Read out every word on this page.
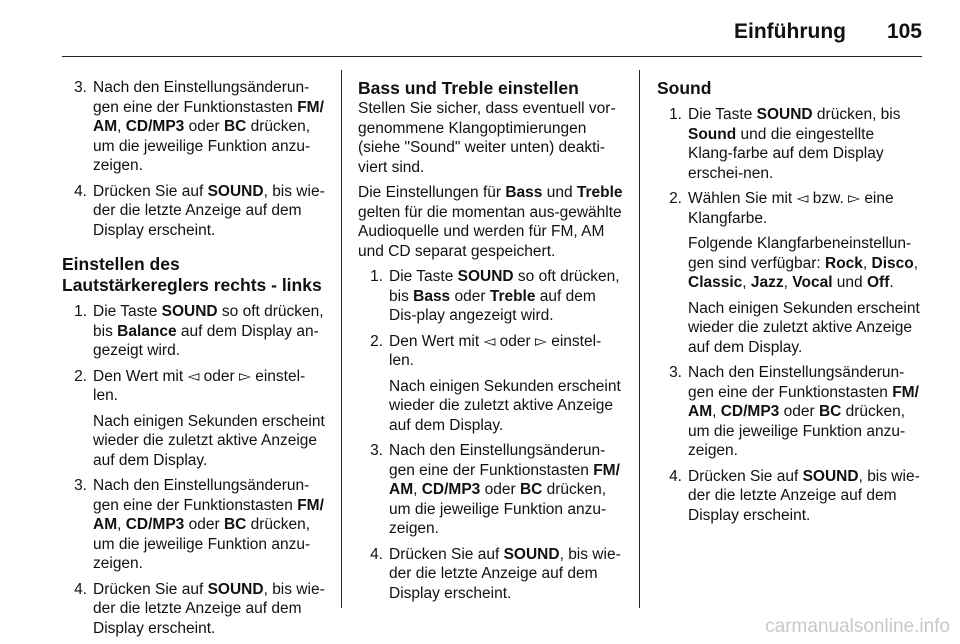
Einführung 105
3. Nach den Einstellungsänderun-gen eine der Funktionstasten FM/ AM, CD/MP3 oder BC drücken, um die jeweilige Funktion anzu-zeigen.

4. Drücken Sie auf SOUND, bis wie-der die letzte Anzeige auf dem Display erscheint.

Einstellen des Lautstärkereglers rechts - links
1. Die Taste SOUND so oft drücken, bis Balance auf dem Display an-gezeigt wird.

2. Den Wert mit ◅ oder ▻ einstel-len.

Nach einigen Sekunden erscheint wieder die zuletzt aktive Anzeige auf dem Display.

3. Nach den Einstellungsänderun-gen eine der Funktionstasten FM/ AM, CD/MP3 oder BC drücken, um die jeweilige Funktion anzu-zeigen.

4. Drücken Sie auf SOUND, bis wie-der die letzte Anzeige auf dem Display erscheint.

Bass und Treble einstellen

Stellen Sie sicher, dass eventuell vor-genommene Klangoptimierungen (siehe "Sound" weiter unten) deakti-viert sind.

Die Einstellungen für Bass und Treble gelten für die momentan aus-gewählte Audioquelle und werden für FM, AM und CD separat gespeichert.

1. Die Taste SOUND so oft drücken, bis Bass oder Treble auf dem Dis-play angezeigt wird.

2. Den Wert mit ◅ oder ▻ einstel-len.

Nach einigen Sekunden erscheint wieder die zuletzt aktive Anzeige auf dem Display.

3. Nach den Einstellungsänderun-gen eine der Funktionstasten FM/ AM, CD/MP3 oder BC drücken, um die jeweilige Funktion anzu-zeigen.

4. Drücken Sie auf SOUND, bis wie-der die letzte Anzeige auf dem Display erscheint.

Sound
1. Die Taste SOUND drücken, bis Sound und die eingestellte Klang-farbe auf dem Display erschei-nen.

2. Wählen Sie mit ◅ bzw. ▻ eine Klangfarbe.

Folgende Klangfarbeneinstellun-gen sind verfügbar: Rock, Disco, Classic, Jazz, Vocal und Off.

Nach einigen Sekunden erscheint wieder die zuletzt aktive Anzeige auf dem Display.

3. Nach den Einstellungsänderun-gen eine der Funktionstasten FM/ AM, CD/MP3 oder BC drücken, um die jeweilige Funktion anzu-zeigen.

4. Drücken Sie auf SOUND, bis wie-der die letzte Anzeige auf dem Display erscheint.

carmanualsonline.info
